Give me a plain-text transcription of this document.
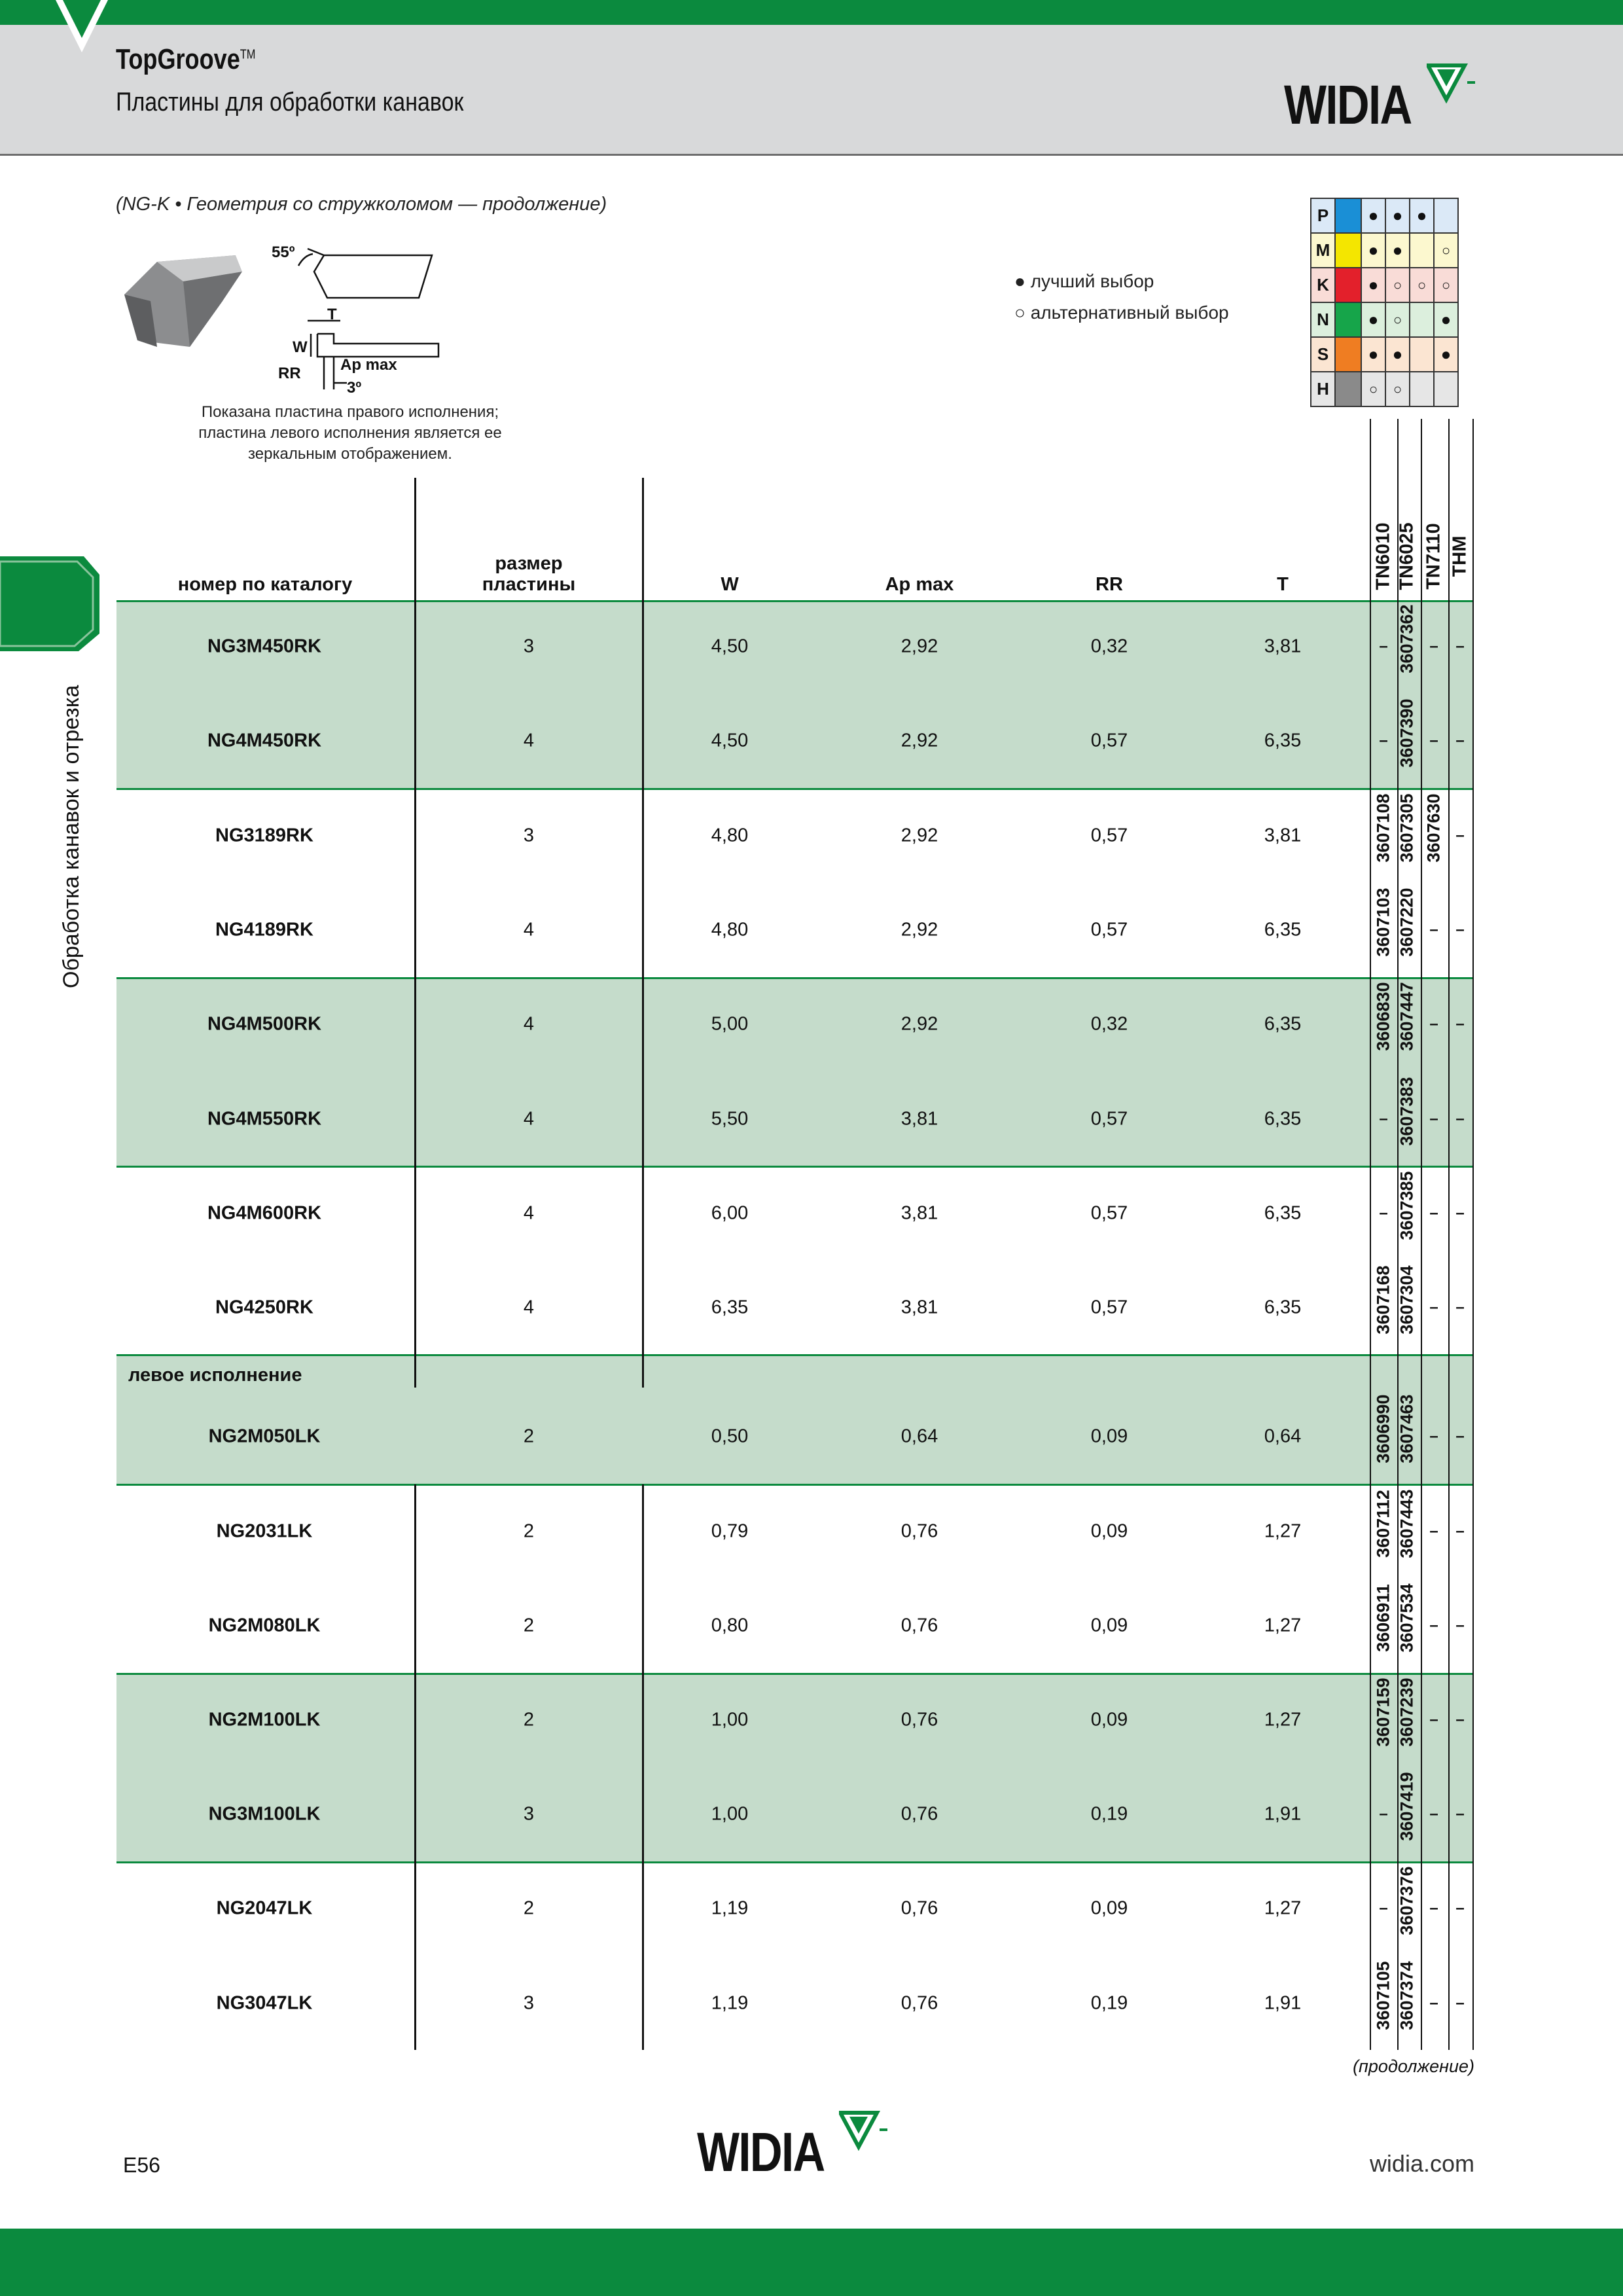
TopGroove™
Пластины для обработки канавок	WIDIA
(NG-K • Геометрия со стружколомом — продолжение)
55º
T
W
Ap max
RR
3º
Показана пластина правого исполнения; пластина левого исполнения является ее зеркальным отображением.
● лучший выбор
○ альтернативный выбор
P		●	●	●	
M		●	●		○
K		●	○	○	○
N		●	○		●
S		●	●		●
H		○	○		
Обработка канавок и отрезка
левое исполнение
номер по каталогу
размер
пластины	W	Ap max	RR	T	TN6010 TN6025 TN7110 THM
NG3M450RK	3	4,50	2,92	0,32	3,81	– 3607362 – –
NG4M450RK	4	4,50	2,92	0,57	6,35	– 3607390 – –
NG3189RK	3	4,80	2,92	0,57	3,81	3607108 3607305 3607630 –
NG4189RK	4	4,80	2,92	0,57	6,35	3607103 3607220 – –
NG4M500RK	4	5,00	2,92	0,32	6,35	3606830 3607447 – –
NG4M550RK	4	5,50	3,81	0,57	6,35	– 3607383 – –
NG4M600RK	4	6,00	3,81	0,57	6,35	– 3607385 – –
NG4250RK	4	6,35	3,81	0,57	6,35	3607168 3607304 – –
NG2M050LK	2	0,50	0,64	0,09	0,64	3606990 3607463 – –
NG2031LK	2	0,79	0,76	0,09	1,27	3607112 3607443 – –
NG2M080LK	2	0,80	0,76	0,09	1,27	3606911 3607534 – –
NG2M100LK	2	1,00	0,76	0,09	1,27	3607159 3607239 – –
NG3M100LK	3	1,00	0,76	0,19	1,91	– 3607419 – –
NG2047LK	2	1,19	0,76	0,09	1,27	– 3607376 – –
NG3047LK	3	1,19	0,76	0,19	1,91	3607105 3607374 – –
(продолжение)
WIDIA
E56	widia.com
